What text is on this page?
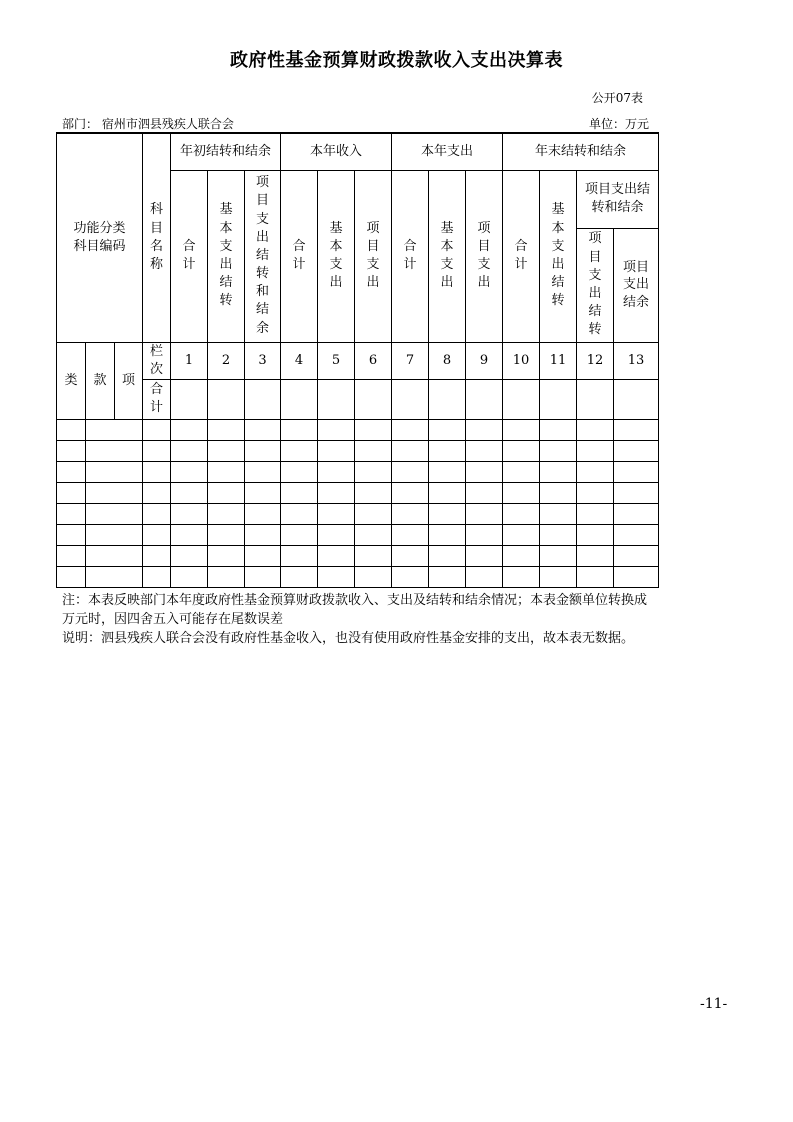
政府性基金预算财政拨款收入支出决算表
公开07表
部门： 宿州市泗县残疾人联合会	单位：万元
功能分类科目编码			科目名称	年初结转和结余			本年收入			本年支出			年末结转和结余			
				合计	基本支出结转	项目支出结转和结余	合计	基本支出	项目支出	合计	基本支出	项目支出	合计	基本支出结转	项目支出结转和结余	
															项目支出结转	项目支出结余
类	款	项	栏次	1	2	3	4	5	6	7	8	9	10	11	12	13
			合计													

注：本表反映部门本年度政府性基金预算财政拨款收入、支出及结转和结余情况；本表金额单位转换成万元时，因四舍五入可能存在尾数误差
说明：泗县残疾人联合会没有政府性基金收入，也没有使用政府性基金安排的支出，故本表无数据。
-11-
